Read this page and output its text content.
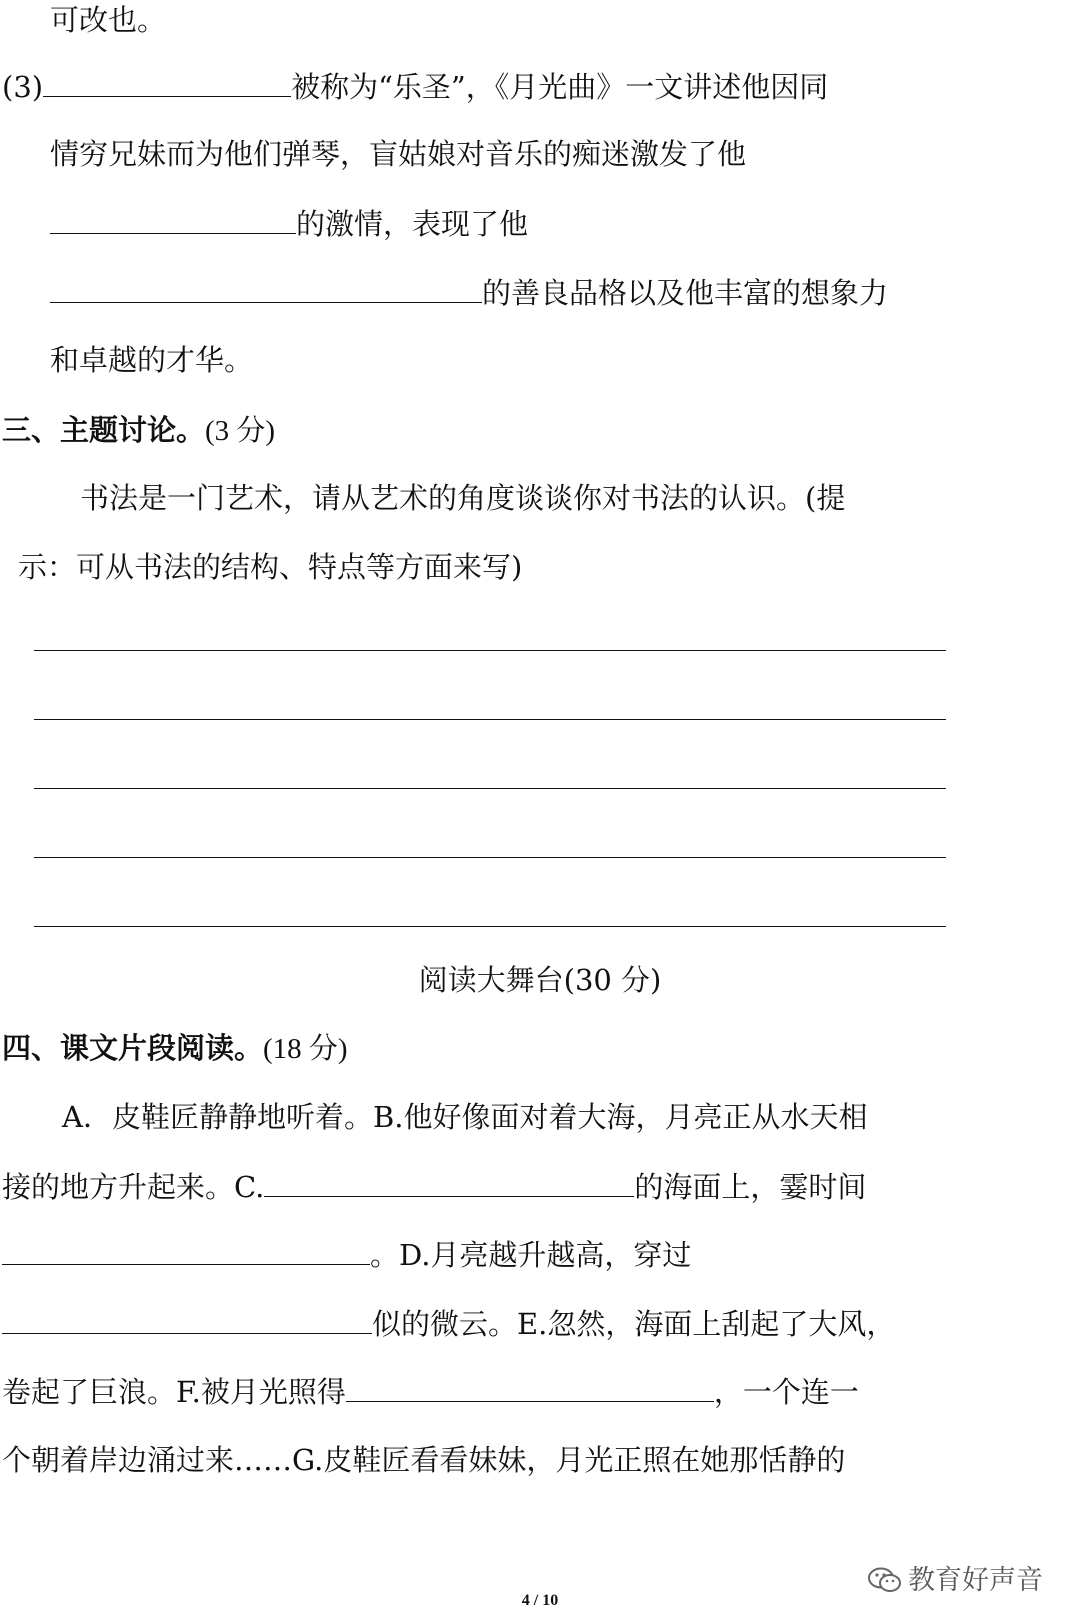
可改也。
(3)	被称为“乐圣”，《月光曲》一文讲述他因同
情穷兄妹而为他们弹琴，盲姑娘对音乐的痴迷激发了他
的激情，表现了他
的善良品格以及他丰富的想象力
和卓越的才华。
三、主题讨论。(3 分)
书法是一门艺术，请从艺术的角度谈谈你对书法的认识。(提
示：可从书法的结构、特点等方面来写)
阅读大舞台(30 分)
四、课文片段阅读。(18 分)
A．皮鞋匠静静地听着。B.他好像面对着大海，月亮正从水天相
接的地方升起来。C.	的海面上，霎时间
。D.月亮越升越高，穿过
似的微云。E.忽然，海面上刮起了大风，
卷起了巨浪。F.被月光照得	，一个连一
个朝着岸边涌过来……G.皮鞋匠看看妹妹，月光正照在她那恬静的
教育好声音
4 / 10
